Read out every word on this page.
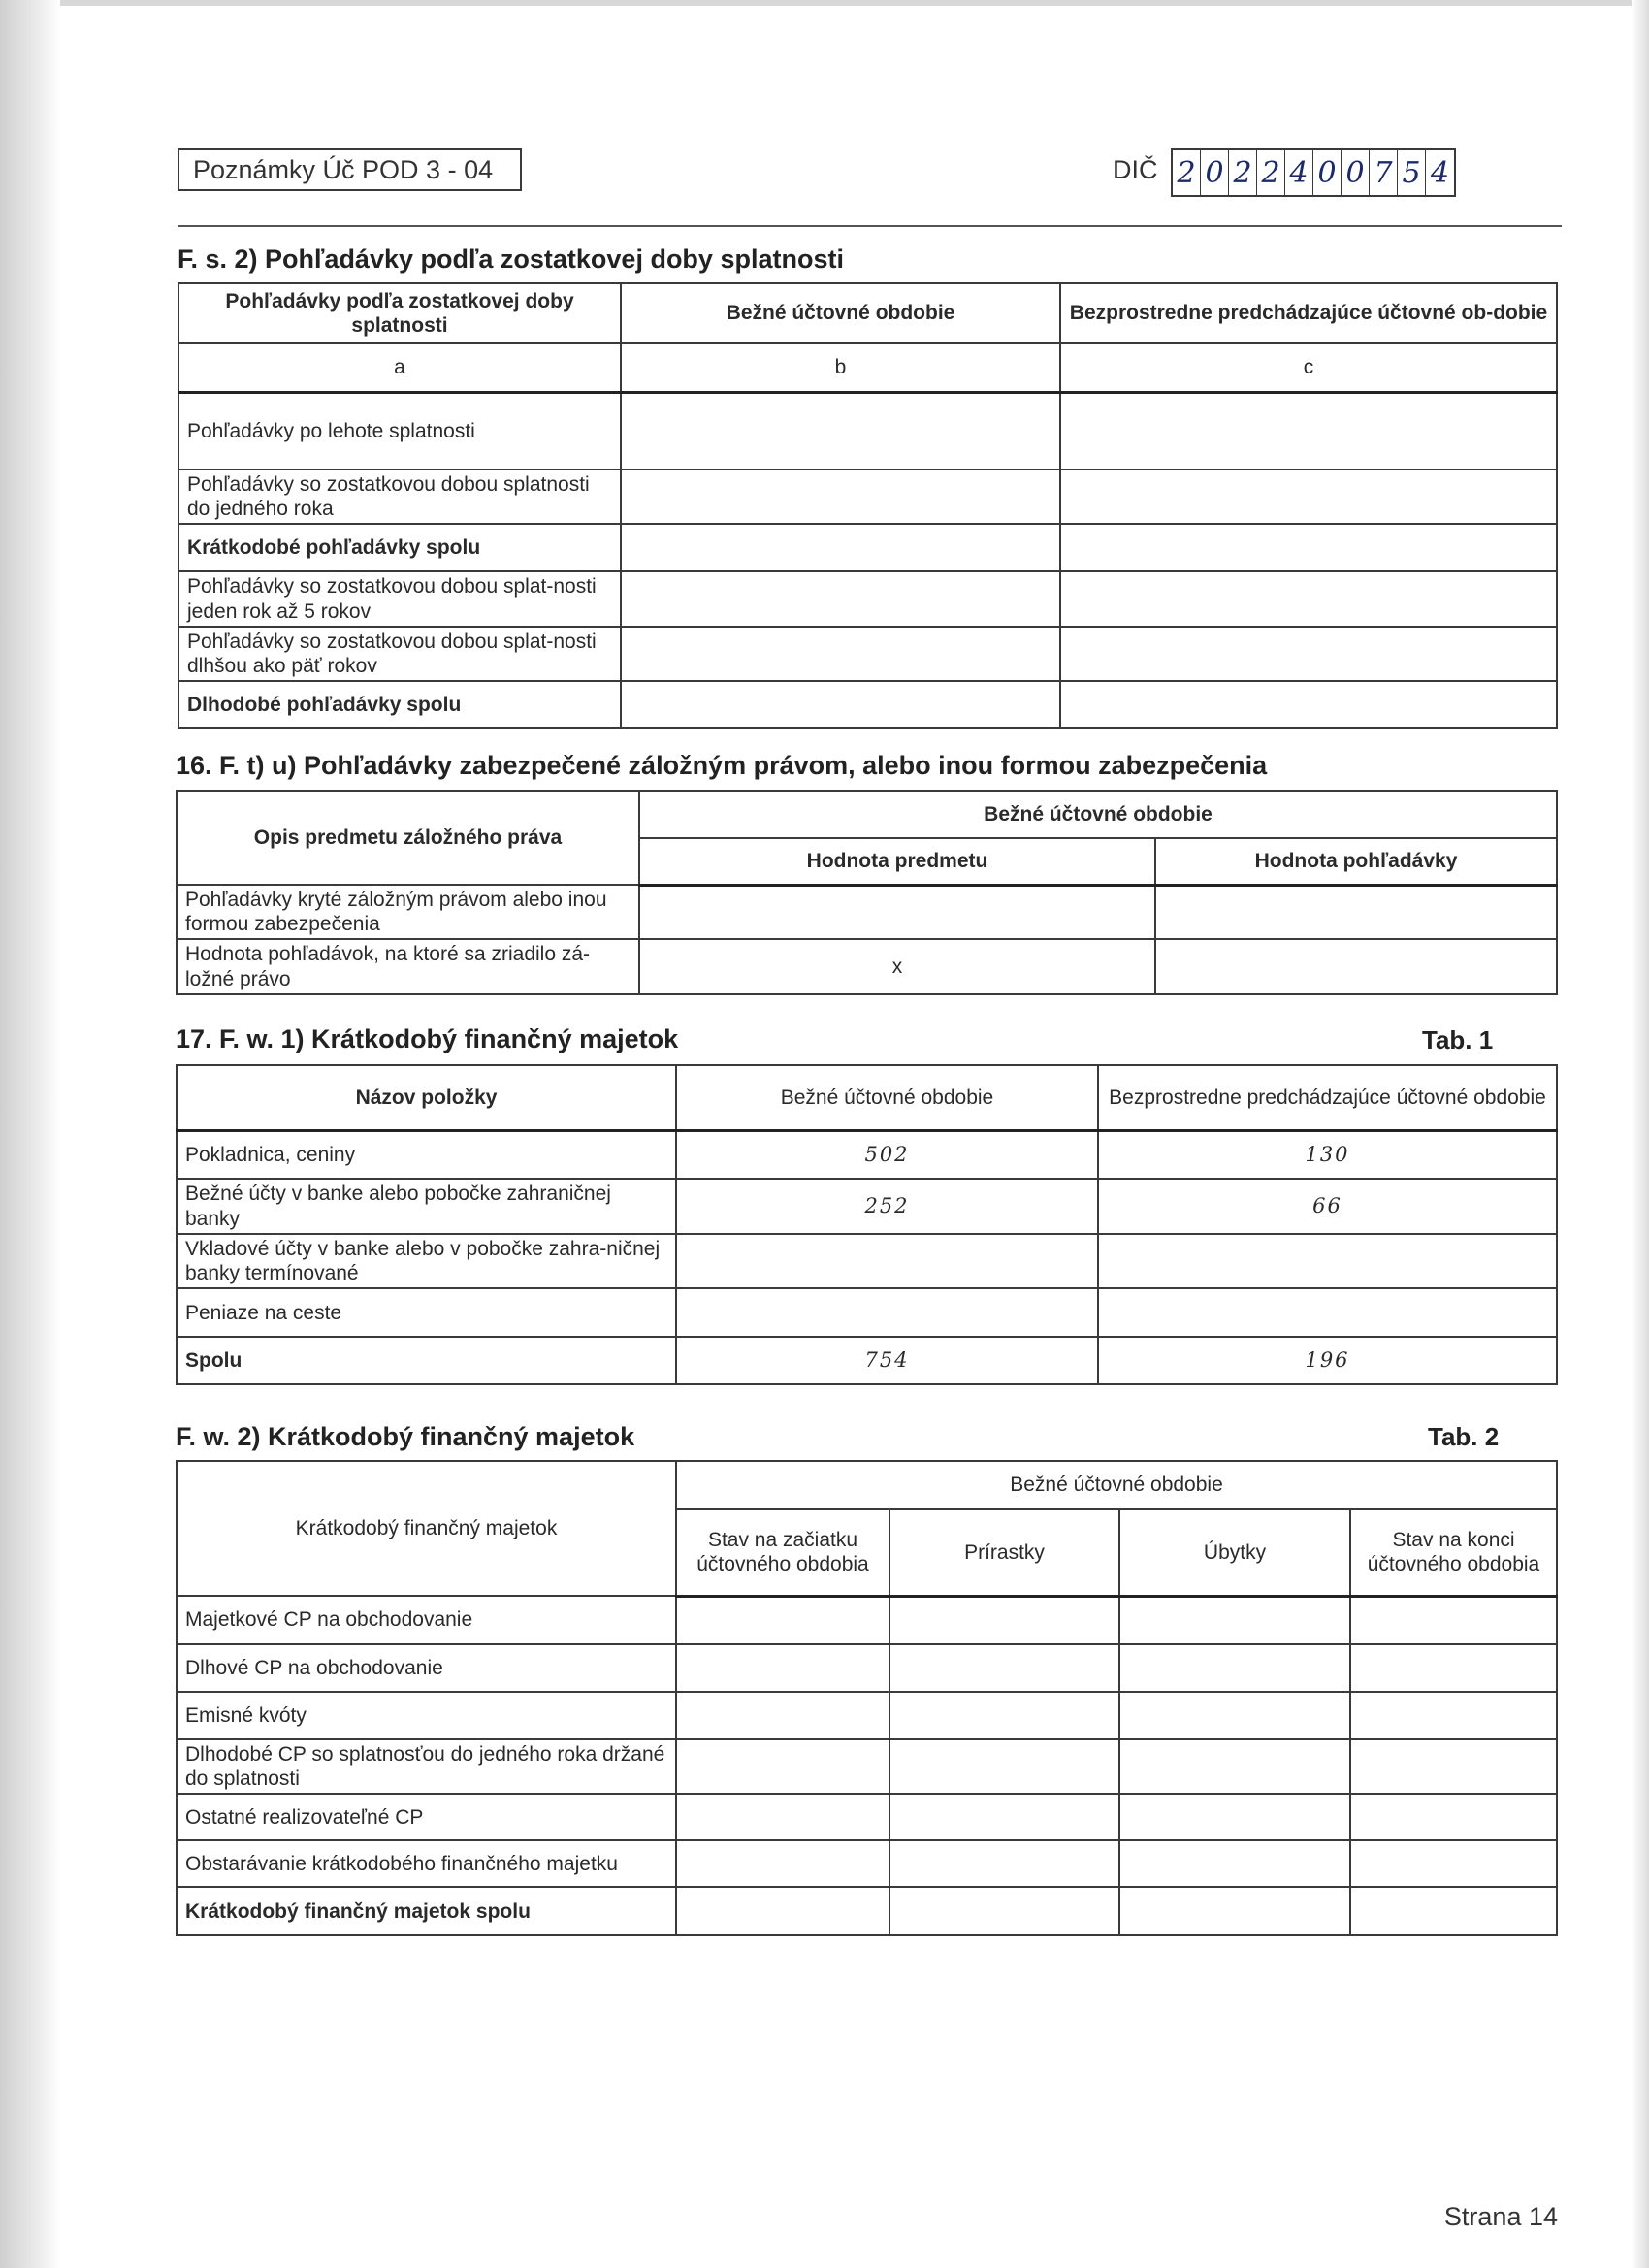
Poznámky Úč POD 3 - 04	DIČ 2 0 2 2 4 0 0 7 5 4
F. s. 2) Pohľadávky podľa zostatkovej doby splatnosti
Pohľadávky podľa zostatkovej doby splatnosti	Bežné účtovné obdobie	Bezprostredne predchádzajúce účtovné ob-dobie
a	b	c
Pohľadávky po lehote splatnosti		
Pohľadávky so zostatkovou dobou splatnosti do jedného roka		
Krátkodobé pohľadávky spolu		
Pohľadávky so zostatkovou dobou splat-nosti jeden rok až 5 rokov		
Pohľadávky so zostatkovou dobou splat-nosti dlhšou ako päť rokov		
Dlhodobé pohľadávky spolu		
16. F. t) u) Pohľadávky zabezpečené záložným právom, alebo inou formou zabezpečenia
Opis predmetu záložného práva	Bežné účtovné obdobie	
	Hodnota predmetu	Hodnota pohľadávky
Pohľadávky kryté záložným právom alebo inou formou zabezpečenia		
Hodnota pohľadávok, na ktoré sa zriadilo zá-ložné právo	x	
17. F. w. 1) Krátkodobý finančný majetok	Tab. 1
Názov položky	Bežné účtovné obdobie	Bezprostredne predchádzajúce účtovné obdobie
Pokladnica, ceniny	502	130
Bežné účty v banke alebo pobočke zahraničnej banky	252	66
Vkladové účty v banke alebo v pobočke zahra-ničnej banky termínované		
Peniaze na ceste		
Spolu	754	196
F. w. 2) Krátkodobý finančný majetok	Tab. 2
Krátkodobý finančný majetok	Bežné účtovné obdobie			
	Stav na začiatku účtovného obdobia	Prírastky	Úbytky	Stav na konci účtovného obdobia
Majetkové CP na obchodovanie				
Dlhové CP na obchodovanie				
Emisné kvóty				
Dlhodobé CP so splatnosťou do jedného roka držané do splatnosti				
Ostatné realizovateľné CP				
Obstarávanie krátkodobého finančného majetku				
Krátkodobý finančný majetok spolu				
Strana 14
